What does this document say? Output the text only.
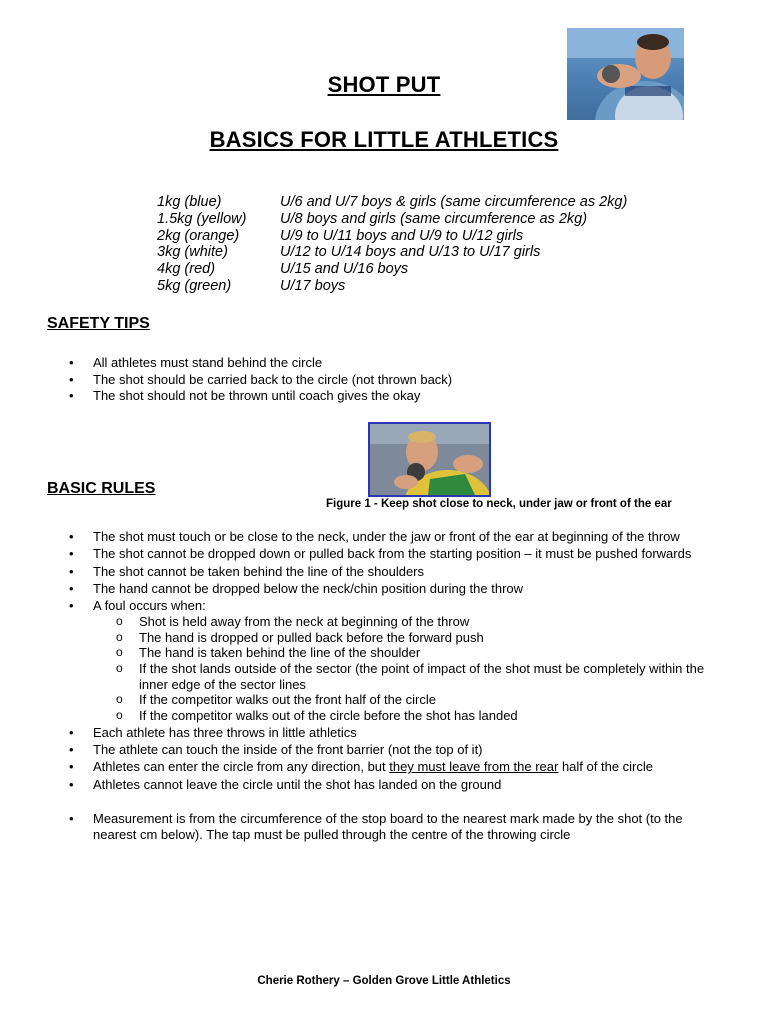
SHOT PUT
BASICS FOR LITTLE ATHLETICS
1kg (blue)	U/6 and U/7 boys & girls (same circumference as 2kg)
1.5kg (yellow)	U/8 boys and girls (same circumference as 2kg)
2kg (orange)	U/9 to U/11 boys and U/9 to U/12 girls
3kg (white)	U/12 to U/14 boys and U/13 to U/17 girls
4kg (red)	U/15 and U/16 boys
5kg (green)	U/17 boys
SAFETY TIPS
• All athletes must stand behind the circle
• The shot should be carried back to the circle (not thrown back)
• The shot should not be thrown until coach gives the okay
BASIC RULES
Figure 1 - Keep shot close to neck, under jaw or front of the ear
• The shot must touch or be close to the neck, under the jaw or front of the ear at beginning of the throw
• The shot cannot be dropped down or pulled back from the starting position – it must be pushed forwards
• The shot cannot be taken behind the line of the shoulders
• The hand cannot be dropped below the neck/chin position during the throw
• A foul occurs when:
o Shot is held away from the neck at beginning of the throw
o The hand is dropped or pulled back before the forward push
o The hand is taken behind the line of the shoulder
o If the shot lands outside of the sector (the point of impact of the shot must be completely within the inner edge of the sector lines
o If the competitor walks out the front half of the circle
o If the competitor walks out of the circle before the shot has landed
• Each athlete has three throws in little athletics
• The athlete can touch the inside of the front barrier (not the top of it)
• Athletes can enter the circle from any direction, but they must leave from the rear half of the circle
• Athletes cannot leave the circle until the shot has landed on the ground
• Measurement is from the circumference of the stop board to the nearest mark made by the shot (to the nearest cm below). The tap must be pulled through the centre of the throwing circle
Cherie Rothery – Golden Grove Little Athletics
